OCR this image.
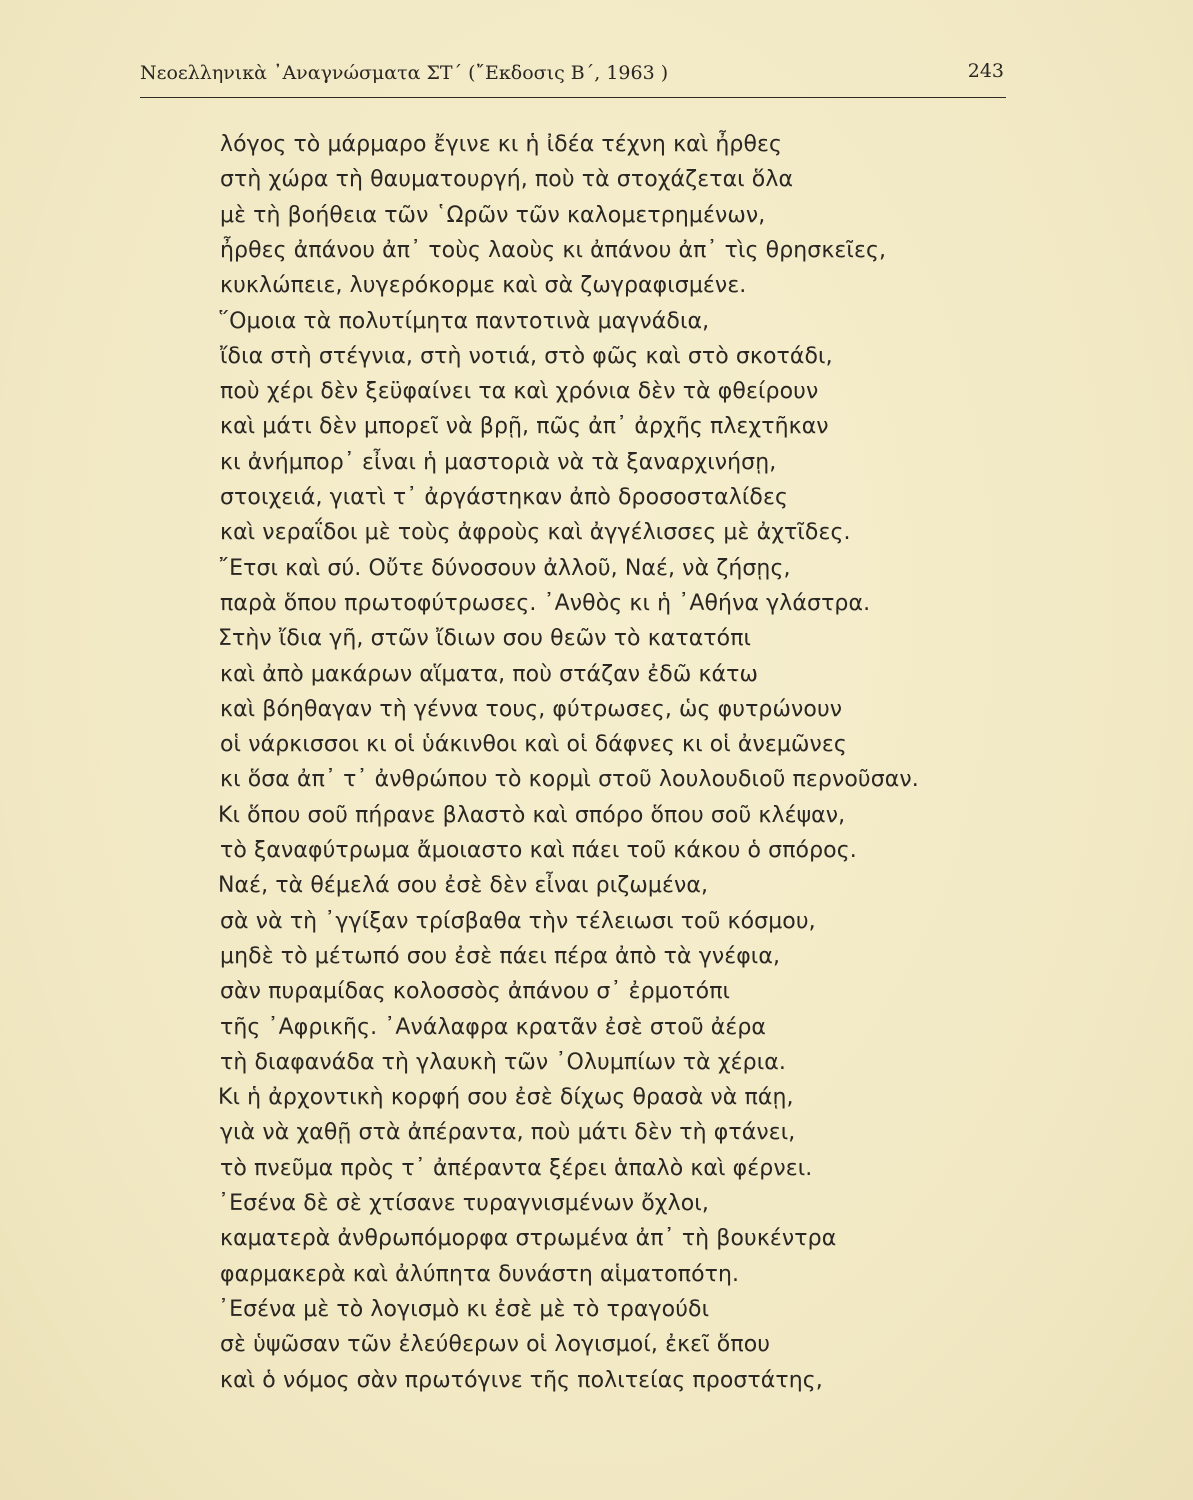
Νεοελληνικὰ ᾿Αναγνώσματα ΣΤ΄ (῎Εκδοσις Β΄, 1963 )	243
λόγος τὸ μάρμαρο ἔγινε κι ἡ ἰδέα τέχνη καὶ ἦρθες
στὴ χώρα τὴ θαυματουργή, ποὺ τὰ στοχάζεται ὅλα
μὲ τὴ βοήθεια τῶν ῾Ωρῶν τῶν καλομετρημένων,
ἦρθες ἀπάνου ἀπ᾿ τοὺς λαοὺς κι ἀπάνου ἀπ᾿ τὶς θρησκεῖες,
κυκλώπειε, λυγερόκορμε καὶ σὰ ζωγραφισμένε.
῞Ομοια τὰ πολυτίμητα παντοτινὰ μαγνάδια,
ἴδια στὴ στέγνια, στὴ νοτιά, στὸ φῶς καὶ στὸ σκοτάδι,
ποὺ χέρι δὲν ξεϋφαίνει τα καὶ χρόνια δὲν τὰ φθείρουν
καὶ μάτι δὲν μπορεῖ νὰ βρῇ, πῶς ἀπ᾿ ἀρχῆς πλεχτῆκαν
κι ἀνήμπορ᾿ εἶναι ἡ μαστοριὰ νὰ τὰ ξαναρχινήσῃ,
στοιχειά, γιατὶ τ᾿ ἀργάστηκαν ἀπὸ δροσοσταλίδες
καὶ νεραΐδοι μὲ τοὺς ἀφροὺς καὶ ἀγγέλισσες μὲ ἀχτῖδες.
῎Ετσι καὶ σύ. Οὔτε δύνοσουν ἀλλοῦ, Ναέ, νὰ ζήσῃς,
παρὰ ὅπου πρωτοφύτρωσες. ᾿Ανθὸς κι ἡ ᾿Αθήνα γλάστρα.
Στὴν ἴδια γῆ, στῶν ἴδιων σου θεῶν τὸ κατατόπι
καὶ ἀπὸ μακάρων αἵματα, ποὺ στάζαν ἐδῶ κάτω
καὶ βόηθαγαν τὴ γέννα τους, φύτρωσες, ὡς φυτρώνουν
οἱ νάρκισσοι κι οἱ ὑάκινθοι καὶ οἱ δάφνες κι οἱ ἀνεμῶνες
κι ὅσα ἀπ᾿ τ᾿ ἀνθρώπου τὸ κορμὶ στοῦ λουλουδιοῦ περνοῦσαν.
Κι ὅπου σοῦ πήρανε βλαστὸ καὶ σπόρο ὅπου σοῦ κλέψαν,
τὸ ξαναφύτρωμα ἄμοιαστο καὶ πάει τοῦ κάκου ὁ σπόρος.
Ναέ, τὰ θέμελά σου ἐσὲ δὲν εἶναι ριζωμένα,
σὰ νὰ τὴ ᾿γγίξαν τρίσβαθα τὴν τέλειωσι τοῦ κόσμου,
μηδὲ τὸ μέτωπό σου ἐσὲ πάει πέρα ἀπὸ τὰ γνέφια,
σὰν πυραμίδας κολοσσὸς ἀπάνου σ᾿ ἐρμοτόπι
τῆς ᾿Αφρικῆς. ᾿Ανάλαφρα κρατᾶν ἐσὲ στοῦ ἀέρα
τὴ διαφανάδα τὴ γλαυκὴ τῶν ᾿Ολυμπίων τὰ χέρια.
Κι ἡ ἀρχοντικὴ κορφή σου ἐσὲ δίχως θρασὰ νὰ πάῃ,
γιὰ νὰ χαθῇ στὰ ἀπέραντα, ποὺ μάτι δὲν τὴ φτάνει,
τὸ πνεῦμα πρὸς τ᾿ ἀπέραντα ξέρει ἁπαλὸ καὶ φέρνει.
᾿Εσένα δὲ σὲ χτίσανε τυραγνισμένων ὄχλοι,
καματερὰ ἀνθρωπόμορφα στρωμένα ἀπ᾿ τὴ βουκέντρα
φαρμακερὰ καὶ ἀλύπητα δυνάστη αἱματοπότη.
᾿Εσένα μὲ τὸ λογισμὸ κι ἐσὲ μὲ τὸ τραγούδι
σὲ ὑψῶσαν τῶν ἐλεύθερων οἱ λογισμοί, ἐκεῖ ὅπου
καὶ ὁ νόμος σὰν πρωτόγινε τῆς πολιτείας προστάτης,
